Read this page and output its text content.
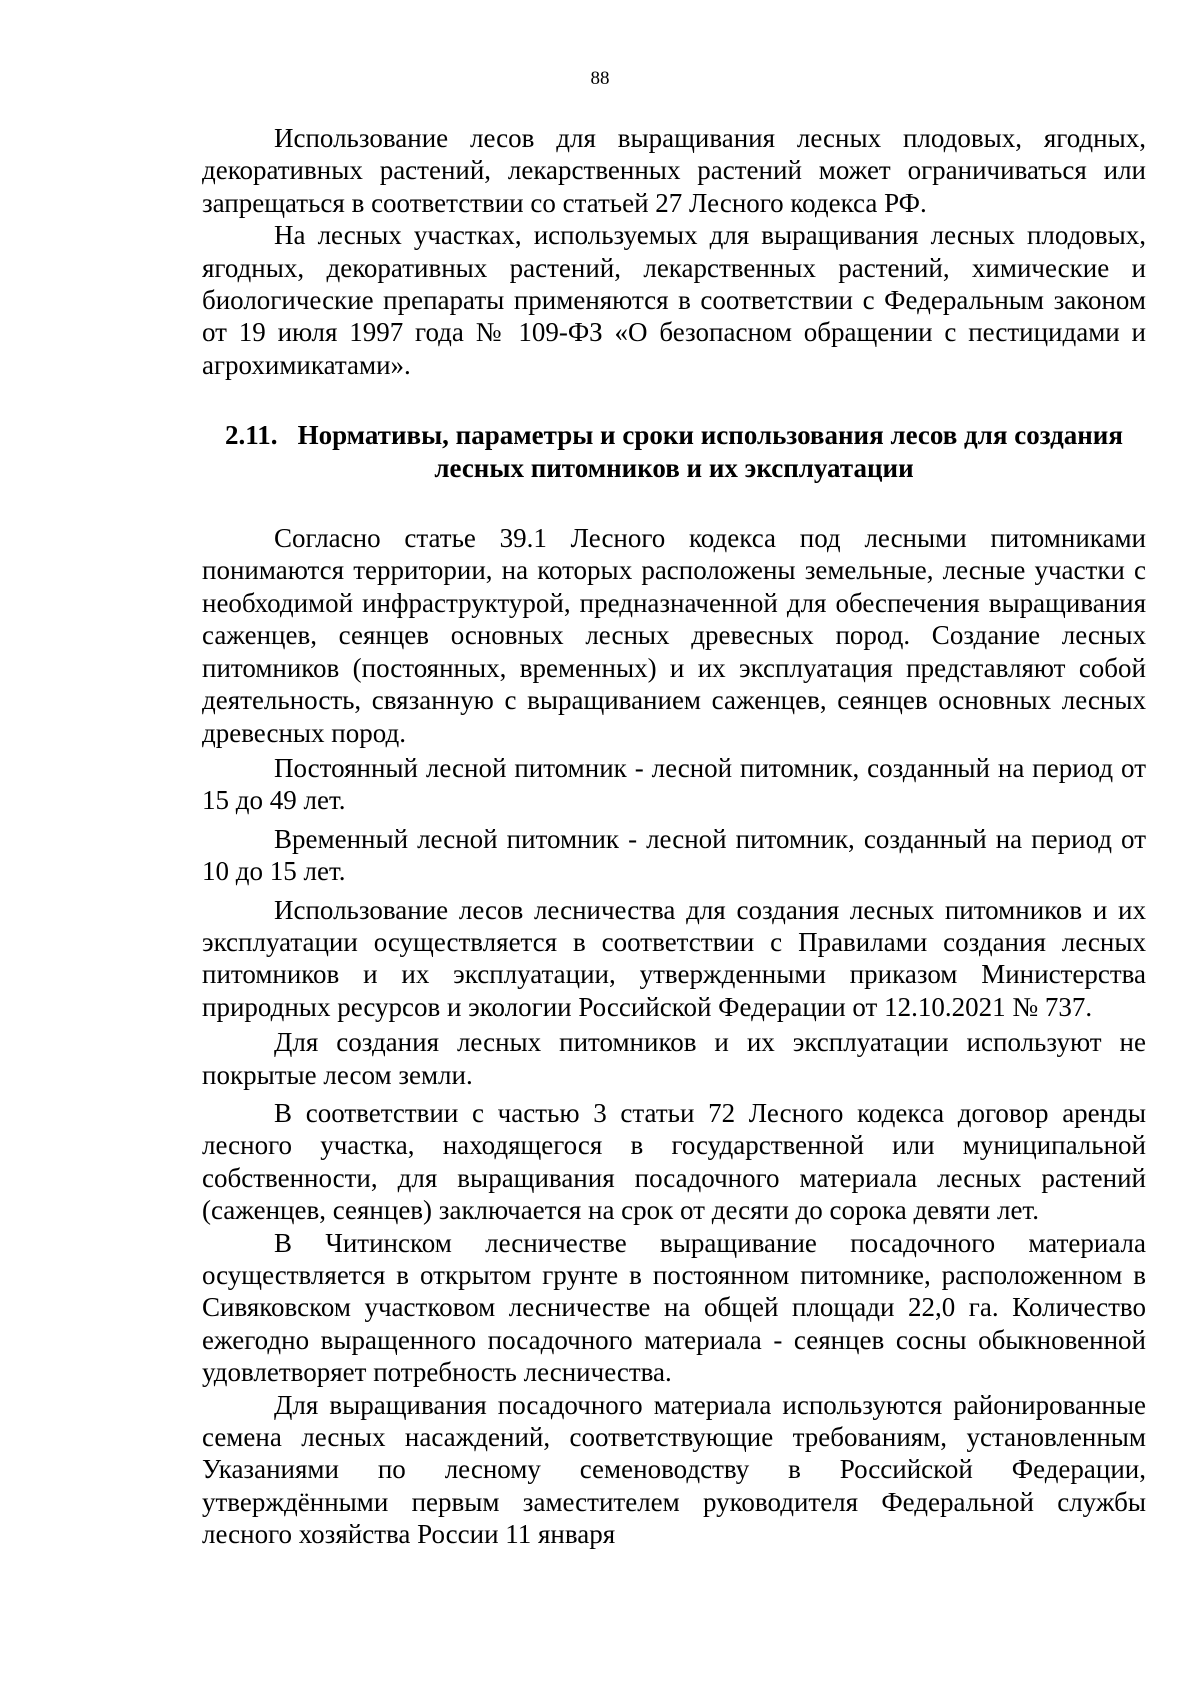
88

Использование лесов для выращивания лесных плодовых, ягодных, декоративных растений, лекарственных растений может ограничиваться или запрещаться в соответствии со статьей 27 Лесного кодекса РФ.

На лесных участках, используемых для выращивания лесных плодовых, ягодных, декоративных растений, лекарственных растений, химические и биологические препараты применяются в соответствии с Федеральным законом от 19 июля 1997 года № 109-ФЗ «О безопасном обращении с пестицидами и агрохимикатами».

2.11. Нормативы, параметры и сроки использования лесов для создания лесных питомников и их эксплуатации

Согласно статье 39.1 Лесного кодекса под лесными питомниками понимаются территории, на которых расположены земельные, лесные участки с необходимой инфраструктурой, предназначенной для обеспечения выращивания саженцев, сеянцев основных лесных древесных пород. Создание лесных питомников (постоянных, временных) и их эксплуатация представляют собой деятельность, связанную с выращиванием саженцев, сеянцев основных лесных древесных пород.

Постоянный лесной питомник - лесной питомник, созданный на период от 15 до 49 лет.

Временный лесной питомник - лесной питомник, созданный на период от 10 до 15 лет.

Использование лесов лесничества для создания лесных питомников и их эксплуатации осуществляется в соответствии с Правилами создания лесных питомников и их эксплуатации, утвержденными приказом Министерства природных ресурсов и экологии Российской Федерации от 12.10.2021 № 737.

Для создания лесных питомников и их эксплуатации используют не покрытые лесом земли.

В соответствии с частью 3 статьи 72 Лесного кодекса договор аренды лесного участка, находящегося в государственной или муниципальной собственности, для выращивания посадочного материала лесных растений (саженцев, сеянцев) заключается на срок от десяти до сорока девяти лет.

В Читинском лесничестве выращивание посадочного материала осуществляется в открытом грунте в постоянном питомнике, расположенном в Сивяковском участковом лесничестве на общей площади 22,0 га. Количество ежегодно выращенного посадочного материала - сеянцев сосны обыкновенной удовлетворяет потребность лесничества.

Для выращивания посадочного материала используются районированные семена лесных насаждений, соответствующие требованиям, установленным Указаниями по лесному семеноводству в Российской Федерации, утверждёнными первым заместителем руководителя Федеральной службы лесного хозяйства России 11 января
